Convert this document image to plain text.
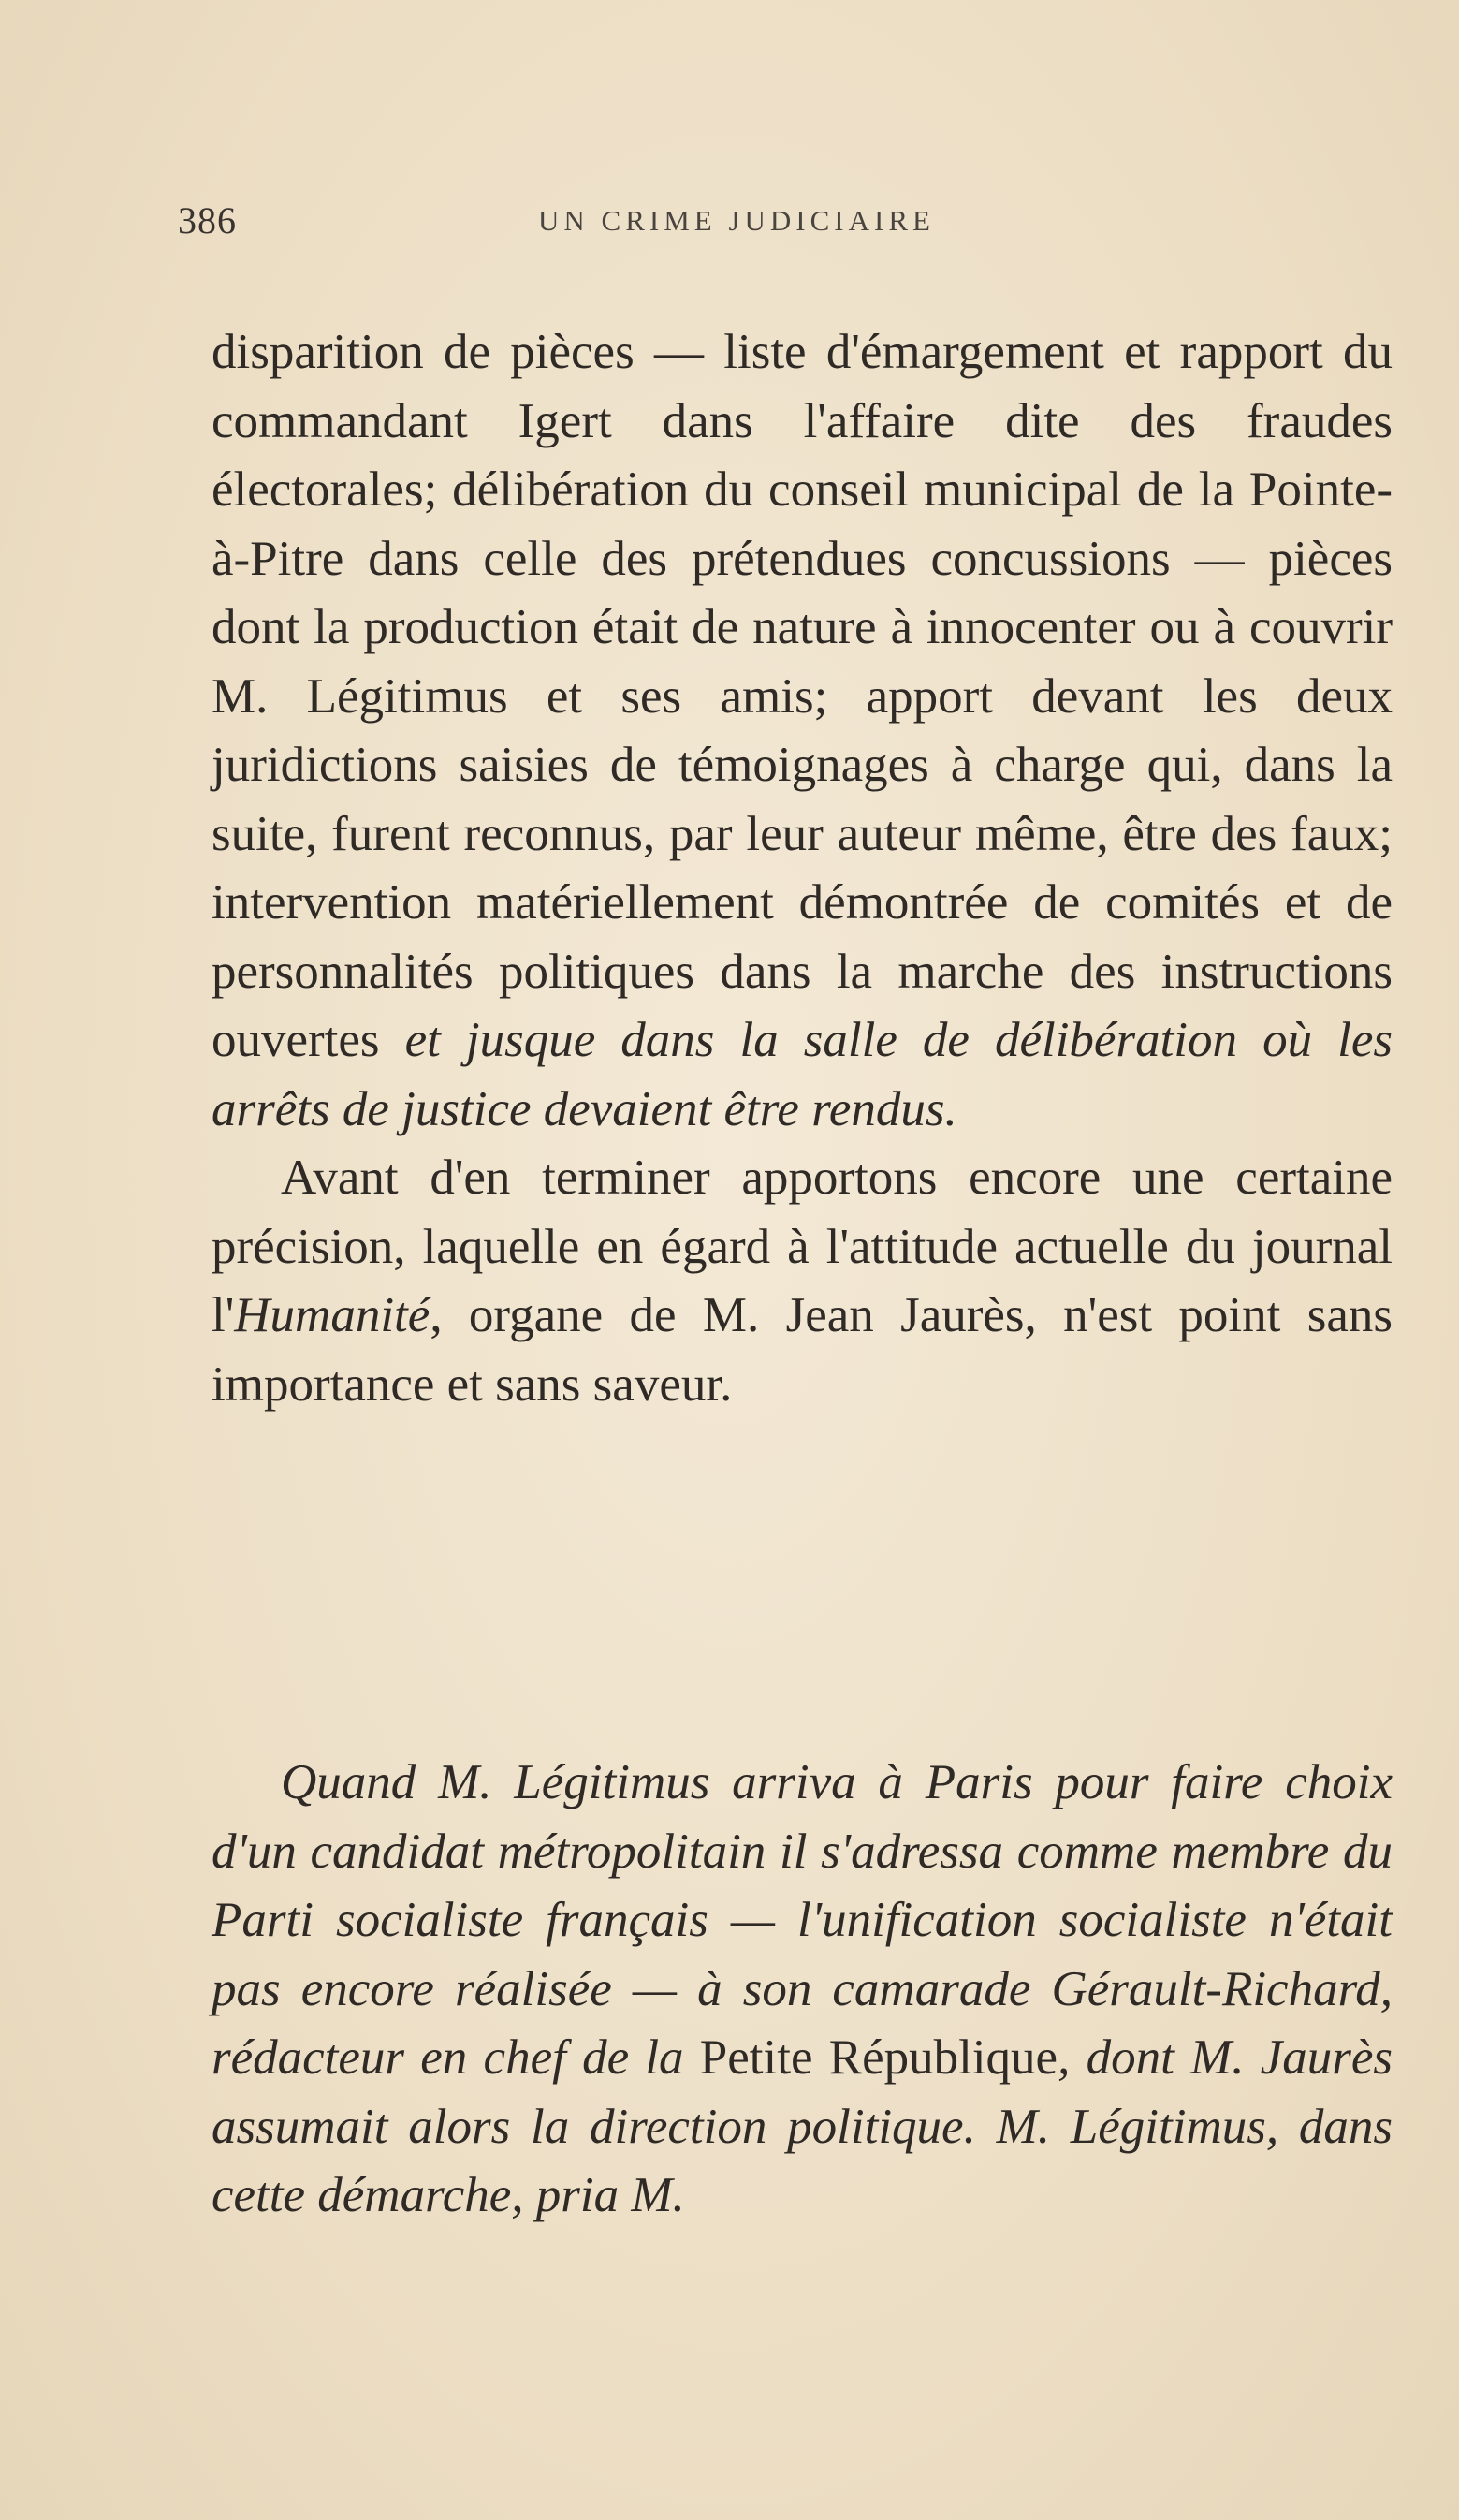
386	UN CRIME JUDICIAIRE

disparition de pièces — liste d'émargement et rapport du commandant Igert dans l'affaire dite des fraudes électorales; délibération du conseil municipal de la Pointe-à-Pitre dans celle des prétendues concussions — pièces dont la production était de nature à innocenter ou à couvrir M. Légitimus et ses amis; apport devant les deux juridictions saisies de témoignages à charge qui, dans la suite, furent reconnus, par leur auteur même, être des faux; intervention matériellement démontrée de comités et de personnalités politiques dans la marche des instructions ouvertes et jusque dans la salle de délibération où les arrêts de justice devaient être rendus.

Avant d'en terminer apportons encore une certaine précision, laquelle en égard à l'attitude actuelle du journal l'Humanité, organe de M. Jean Jaurès, n'est point sans importance et sans saveur.

Quand M. Légitimus arriva à Paris pour faire choix d'un candidat métropolitain il s'adressa comme membre du Parti socialiste français — l'unification socialiste n'était pas encore réalisée — à son camarade Gérault-Richard, rédacteur en chef de la Petite République, dont M. Jaurès assumait alors la direction politique. M. Légitimus, dans cette démarche, pria M.
